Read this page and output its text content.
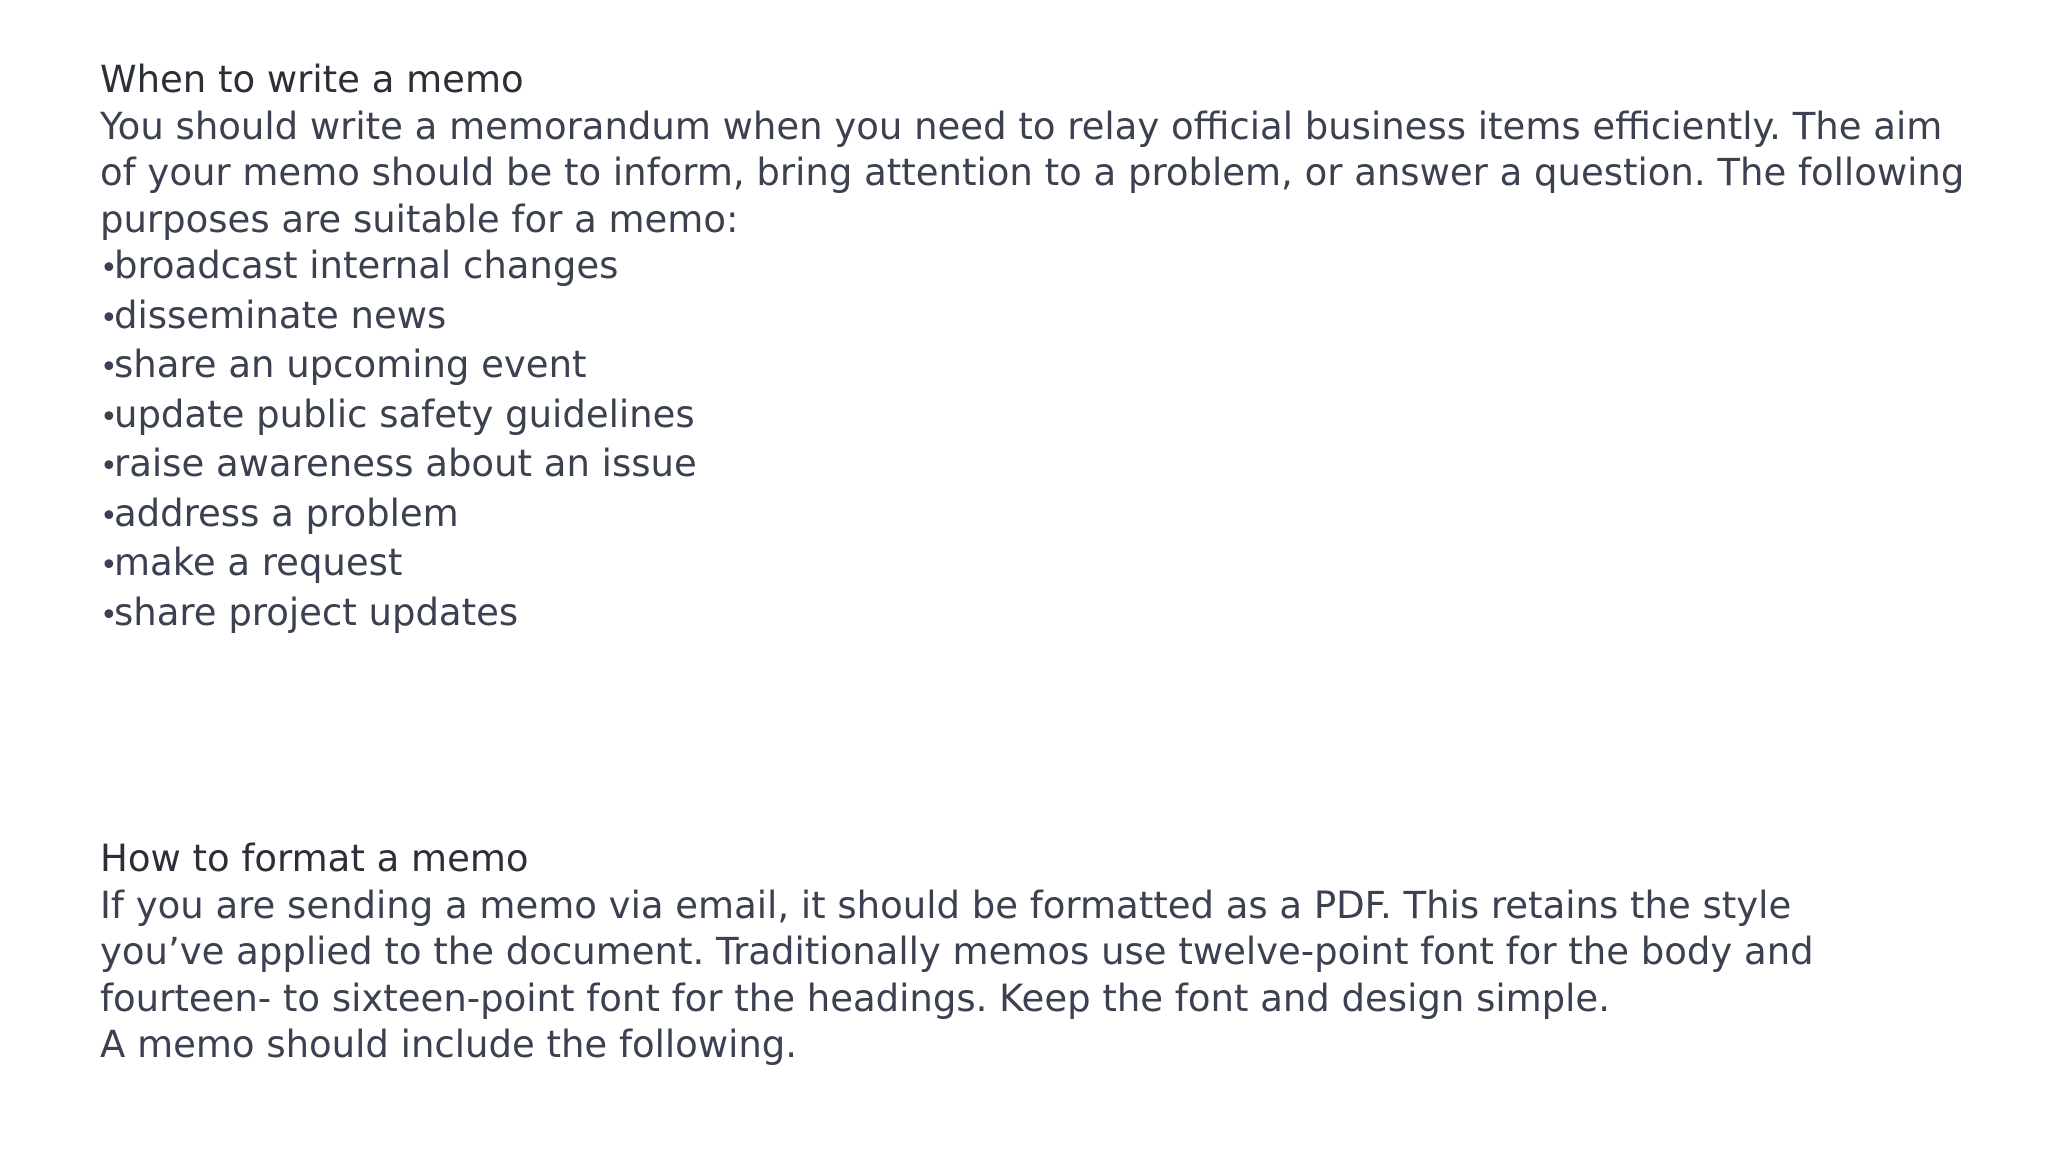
When to write a memo

You should write a memorandum when you need to relay official business items efficiently. The aim of your memo should be to inform, bring attention to a problem, or answer a question. The following purposes are suitable for a memo:

•broadcast internal changes
•disseminate news
•share an upcoming event
•update public safety guidelines
•raise awareness about an issue
•address a problem
•make a request
•share project updates
How to format a memo

If you are sending a memo via email, it should be formatted as a PDF. This retains the style you’ve applied to the document. Traditionally memos use twelve-point font for the body and fourteen- to sixteen-point font for the headings. Keep the font and design simple.

A memo should include the following.
